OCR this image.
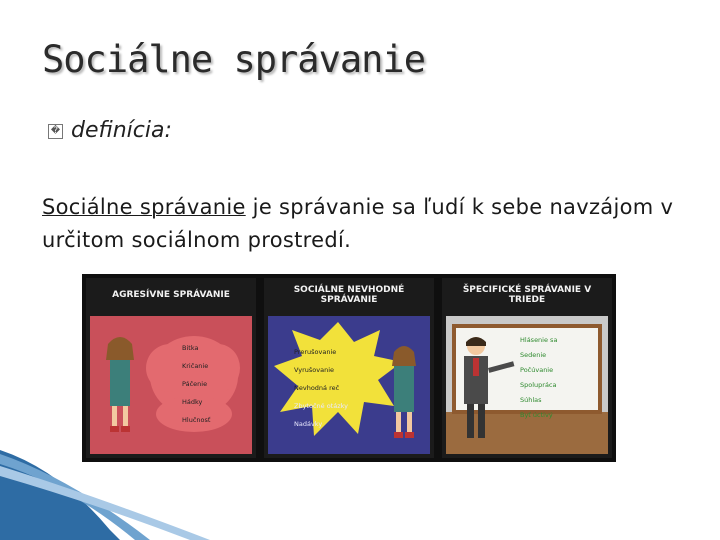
Sociálne správanie
� definícia:
Sociálne správanie je správanie sa ľudí k sebe navzájom v určitom sociálnom prostredí.
AGRESÍVNE SPRÁVANIE
Bitka
Kričanie
Páčenie
Hádky
Hlučnosť
SOCIÁLNE NEVHODNÉ SPRÁVANIE
Prerušovanie
Vyrušovanie
Nevhodná reč
Zbytočné otázky
Nadávky
ŠPECIFICKÉ SPRÁVANIE V TRIEDE
Hlásenie sa
Sedenie
Počúvanie
Spolupráca
Súhlas
Byť úctivý
